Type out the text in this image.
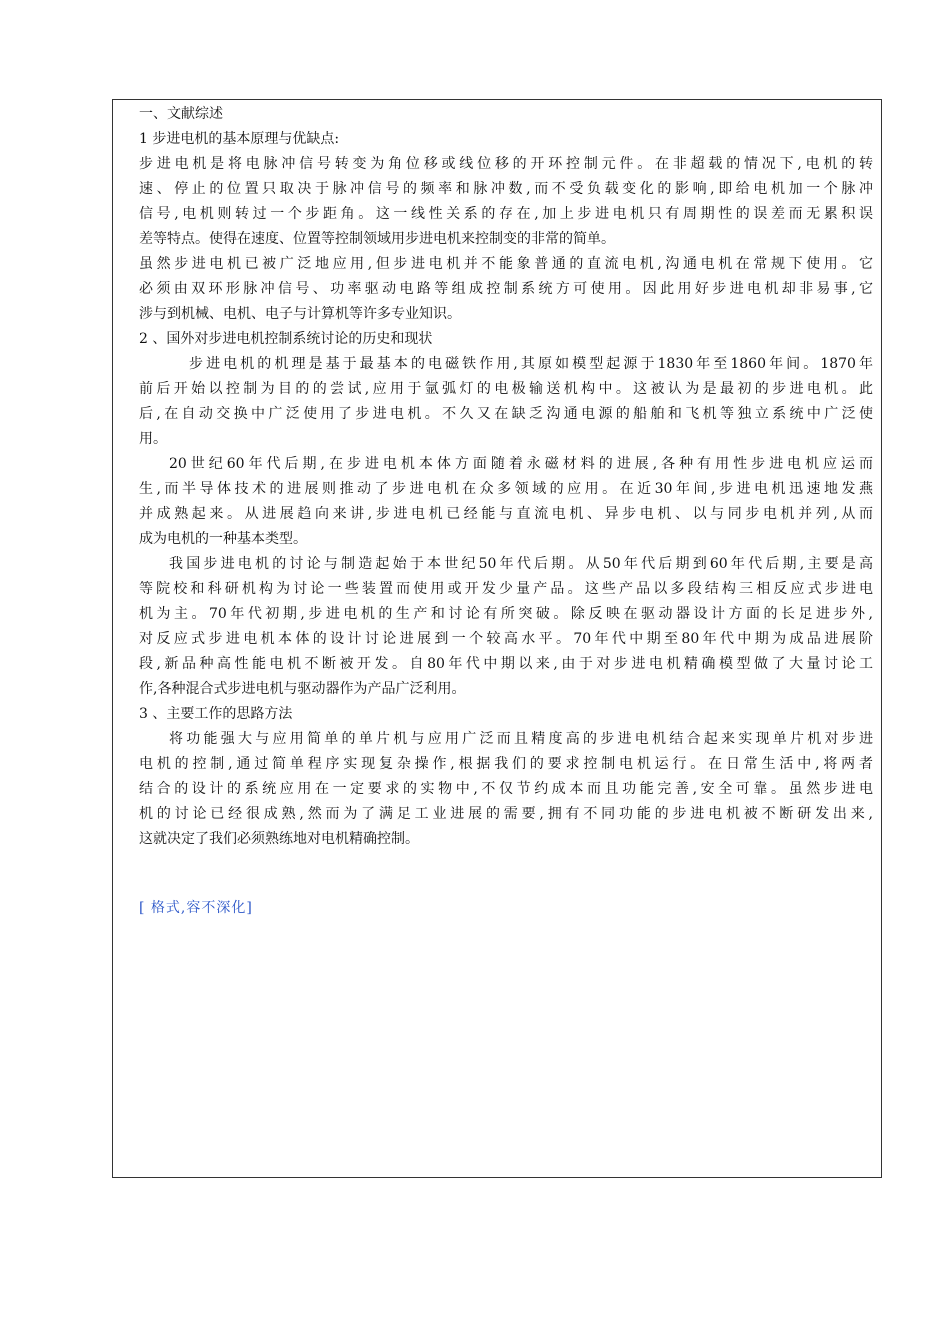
一、文献综述
1 步进电机的基本原理与优缺点:
步进电机是将电脉冲信号转变为角位移或线位移的开环控制元件。在非超载的情况下,电机的转
速、停止的位置只取决于脉冲信号的频率和脉冲数,而不受负载变化的影响,即给电机加一个脉冲
信号,电机则转过一个步距角。这一线性关系的存在,加上步进电机只有周期性的误差而无累积误
差等特点。使得在速度、位置等控制领域用步进电机来控制变的非常的简单。
虽然步进电机已被广泛地应用,但步进电机并不能象普通的直流电机,沟通电机在常规下使用。它
必须由双环形脉冲信号、功率驱动电路等组成控制系统方可使用。因此用好步进电机却非易事,它
涉与到机械、电机、电子与计算机等许多专业知识。
2 、国外对步进电机控制系统讨论的历史和现状
步进电机的机理是基于最基本的电磁铁作用,其原如模型起源于1830年至1860年间。1870年
前后开始以控制为目的的尝试,应用于氩弧灯的电极输送机构中。这被认为是最初的步进电机。此
后,在自动交换中广泛使用了步进电机。不久又在缺乏沟通电源的船舶和飞机等独立系统中广泛使
用。
20世纪60年代后期,在步进电机本体方面随着永磁材料的进展,各种有用性步进电机应运而
生,而半导体技术的进展则推动了步进电机在众多领域的应用。在近30年间,步进电机迅速地发燕
并成熟起来。从进展趋向来讲,步进电机已经能与直流电机、异步电机、以与同步电机并列,从而
成为电机的一种基本类型。
我国步进电机的讨论与制造起始于本世纪50年代后期。从50年代后期到60年代后期,主要是高
等院校和科研机构为讨论一些装置而使用或开发少量产品。这些产品以多段结构三相反应式步进电
机为主。70年代初期,步进电机的生产和讨论有所突破。除反映在驱动器设计方面的长足进步外,
对反应式步进电机本体的设计讨论进展到一个较高水平。70年代中期至80年代中期为成品进展阶
段,新品种高性能电机不断被开发。自80年代中期以来,由于对步进电机精确模型做了大量讨论工
作,各种混合式步进电机与驱动器作为产品广泛利用。
3 、主要工作的思路方法
将功能强大与应用简单的单片机与应用广泛而且精度高的步进电机结合起来实现单片机对步进
电机的控制,通过简单程序实现复杂操作,根据我们的要求控制电机运行。在日常生活中,将两者
结合的设计的系统应用在一定要求的实物中,不仅节约成本而且功能完善,安全可靠。虽然步进电
机的讨论已经很成熟,然而为了满足工业进展的需要,拥有不同功能的步进电机被不断研发出来,
这就决定了我们必须熟练地对电机精确控制。
[ 格式,容不深化]
